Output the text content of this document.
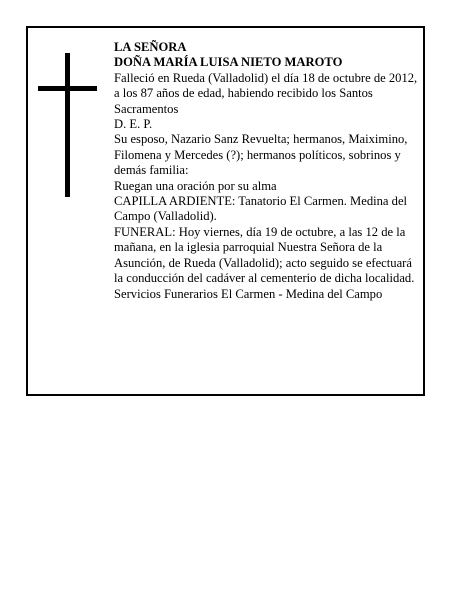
LA SEÑORA

DOÑA MARÍA LUISA NIETO MAROTO

Falleció en Rueda (Valladolid) el día 18 de octubre de 2012, a los 87 años de edad, habiendo recibido los Santos Sacramentos

D. E. P.

Su esposo, Nazario Sanz Revuelta; hermanos, Maiximino, Filomena y Mercedes (?); hermanos políticos, sobrinos y demás familia:

Ruegan una oración por su alma

CAPILLA ARDIENTE: Tanatorio El Carmen. Medina del Campo (Valladolid).

FUNERAL: Hoy viernes, día 19 de octubre, a las 12 de la mañana, en la iglesia parroquial Nuestra Señora de la Asunción, de Rueda (Valladolid); acto seguido se efectuará la conducción del cadáver al cementerio de dicha localidad.

Servicios Funerarios El Carmen - Medina del Campo
